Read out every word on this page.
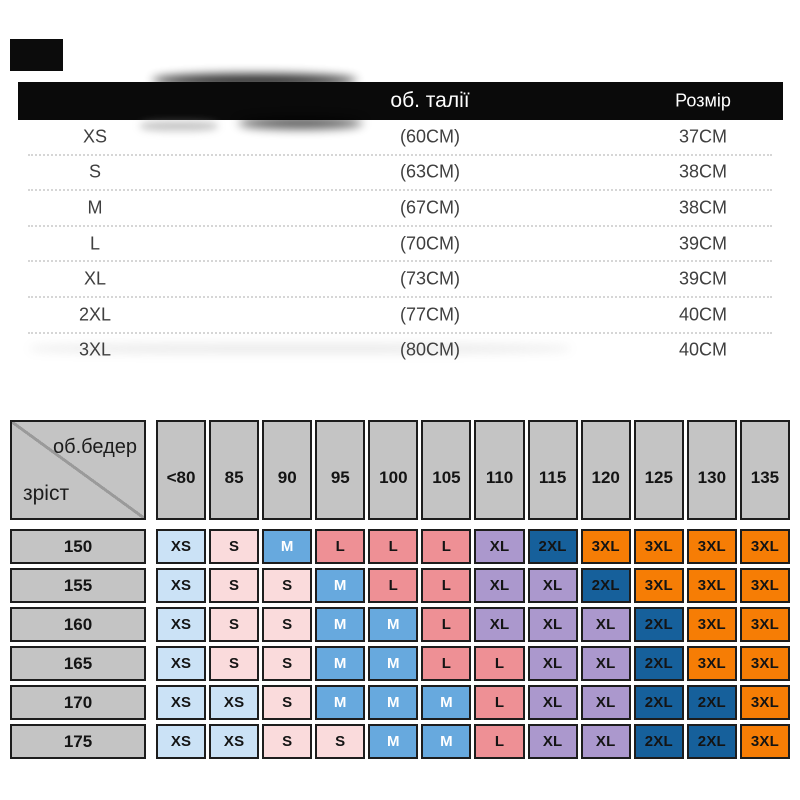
об. талії	Розмір
XS	(60CM)	37CM
S	(63CM)	38CM
M	(67CM)	38CM
L	(70CM)	39CM
XL	(73CM)	39CM
2XL	(77CM)	40CM
3XL	(80CM)	40CM
об.бедер
зріст
<80	85	90	95	100	105	110	115	120	125	130	135
150	XS	S	M	L	L	L	XL	2XL	3XL	3XL	3XL	3XL
155	XS	S	S	M	L	L	XL	XL	2XL	3XL	3XL	3XL
160	XS	S	S	M	M	L	XL	XL	XL	2XL	3XL	3XL
165	XS	S	S	M	M	L	L	XL	XL	2XL	3XL	3XL
170	XS	XS	S	M	M	M	L	XL	XL	2XL	2XL	3XL
175	XS	XS	S	S	M	M	L	XL	XL	2XL	2XL	3XL
